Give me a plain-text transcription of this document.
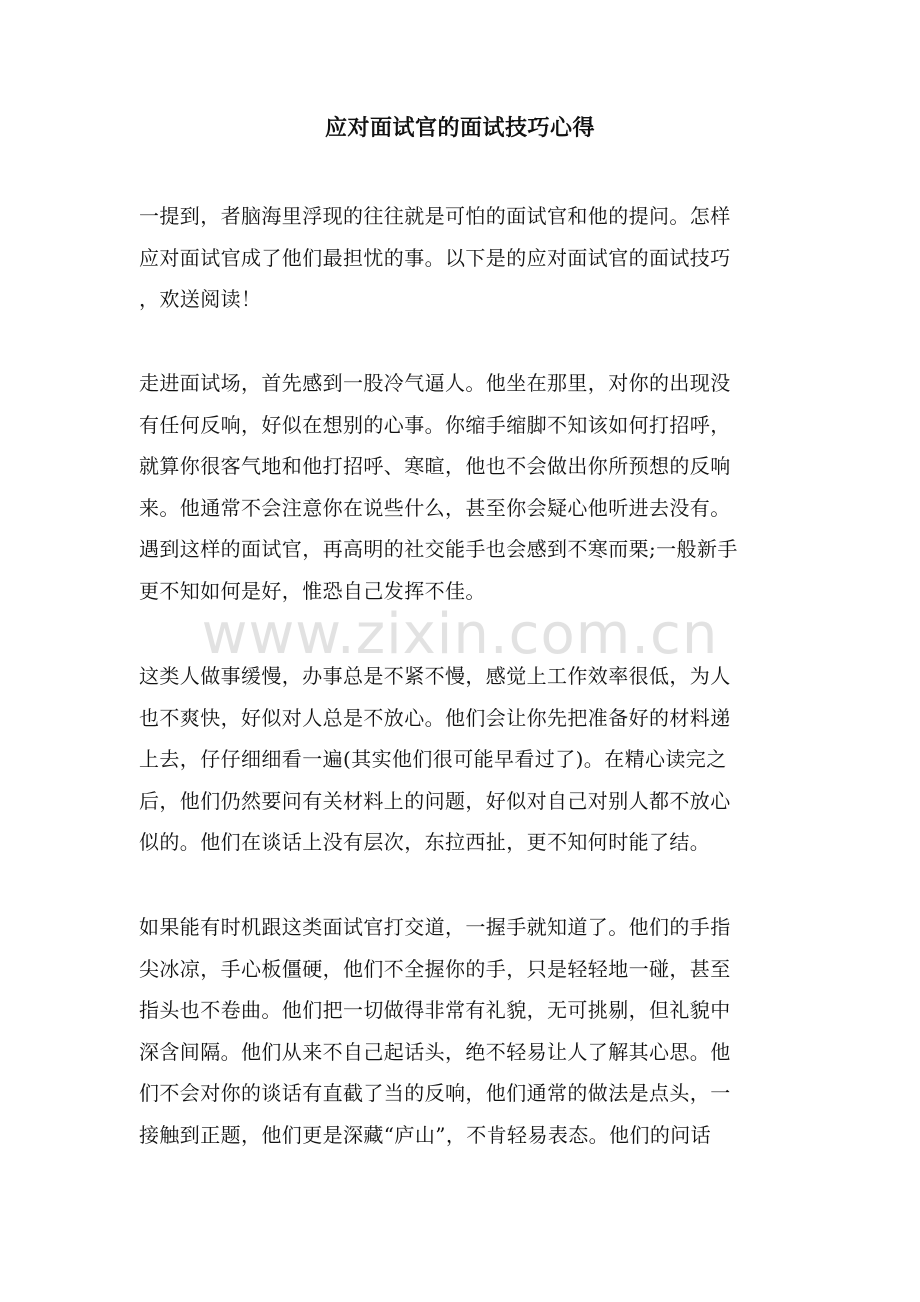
应对面试官的面试技巧心得
www.zixin.com.cn
一提到，者脑海里浮现的往往就是可怕的面试官和他的提问。怎样
应对面试官成了他们最担忧的事。以下是的应对面试官的面试技巧
，欢送阅读！
走进面试场，首先感到一股冷气逼人。他坐在那里，对你的出现没
有任何反响，好似在想别的心事。你缩手缩脚不知该如何打招呼，
就算你很客气地和他打招呼、寒暄，他也不会做出你所预想的反响
来。他通常不会注意你在说些什么，甚至你会疑心他听进去没有。
遇到这样的面试官，再高明的社交能手也会感到不寒而栗;一般新手
更不知如何是好，惟恐自己发挥不佳。
这类人做事缓慢，办事总是不紧不慢，感觉上工作效率很低，为人
也不爽快，好似对人总是不放心。他们会让你先把准备好的材料递
上去，仔仔细细看一遍(其实他们很可能早看过了)。在精心读完之
后，他们仍然要问有关材料上的问题，好似对自己对别人都不放心
似的。他们在谈话上没有层次，东拉西扯，更不知何时能了结。
如果能有时机跟这类面试官打交道，一握手就知道了。他们的手指
尖冰凉，手心板僵硬，他们不全握你的手，只是轻轻地一碰，甚至
指头也不卷曲。他们把一切做得非常有礼貌，无可挑剔，但礼貌中
深含间隔。他们从来不自己起话头，绝不轻易让人了解其心思。他
们不会对你的谈话有直截了当的反响，他们通常的做法是点头，一
接触到正题，他们更是深藏“庐山”，不肯轻易表态。他们的问话
